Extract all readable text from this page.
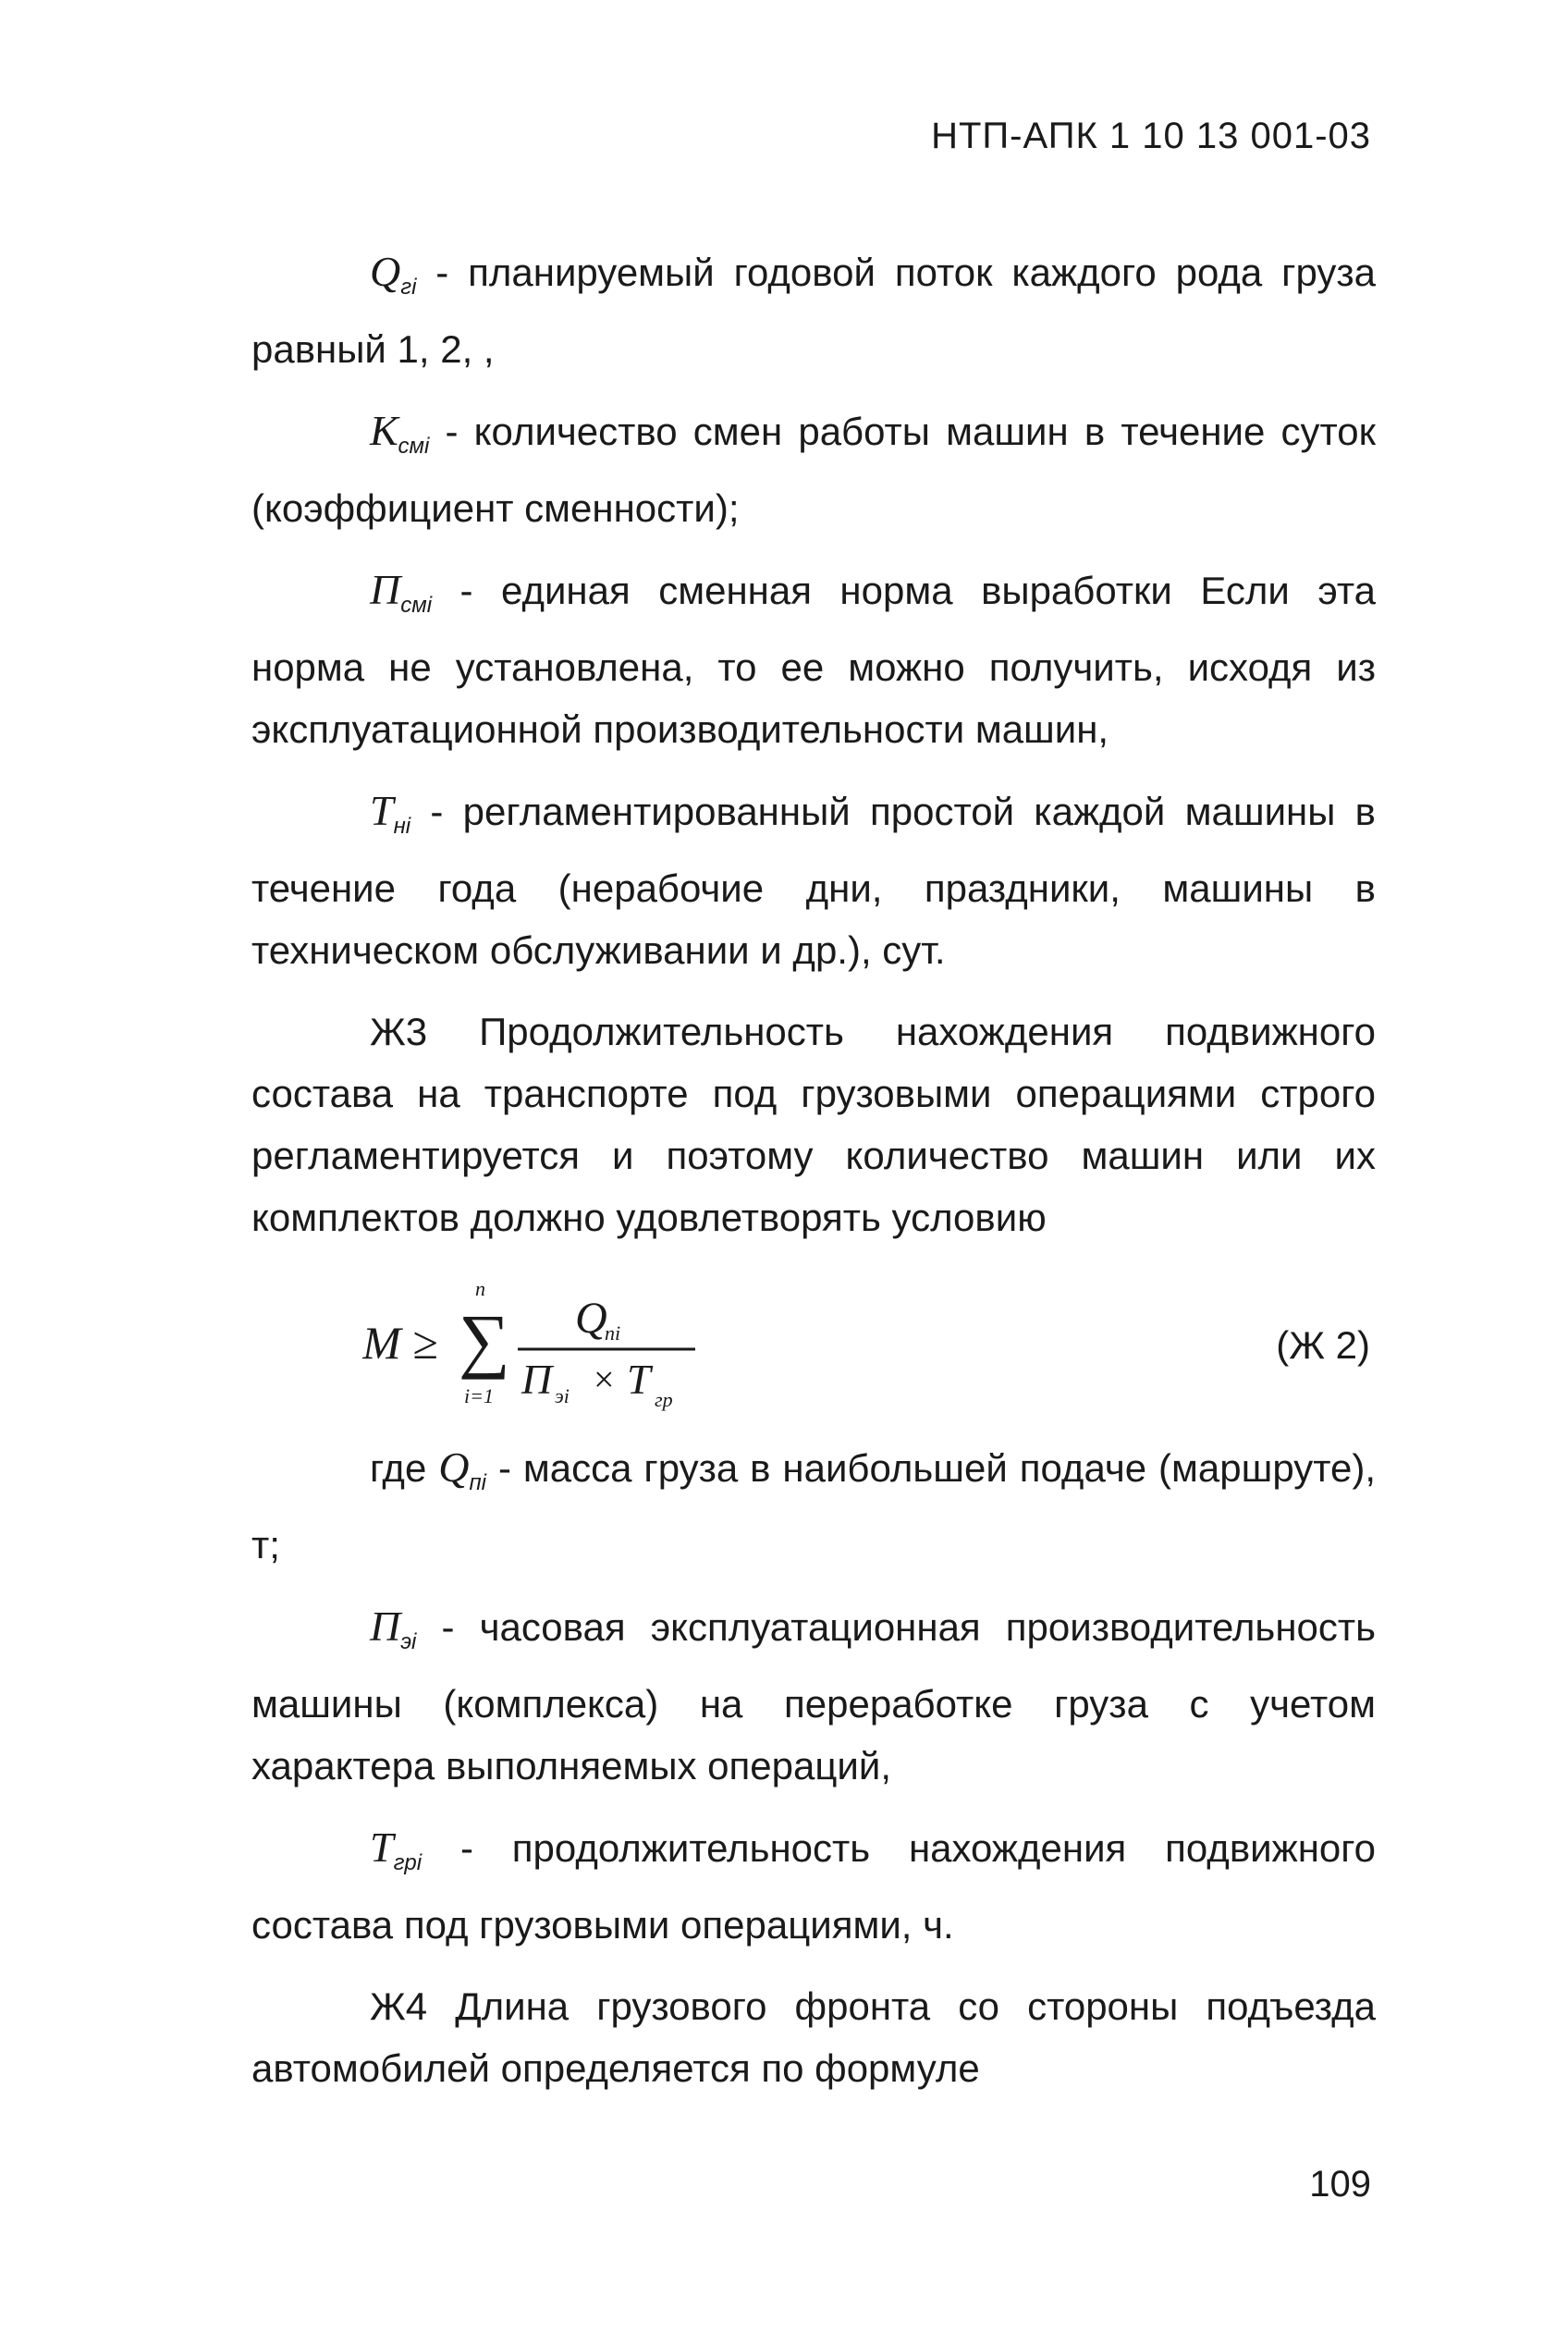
НТП-АПК 1 10 13 001-03

$Q_{гi}$ - планируемый годовой поток каждого рода груза равный 1, 2, ,

$К_{смi}$ - количество смен работы машин в течение суток (коэффициент сменности);

$П_{смi}$ - единая сменная норма выработки Если эта норма не установлена, то ее можно получить, исходя из эксплуатационной производительности машин,

$Т_{нi}$ - регламентированный простой каждой машины в течение года (нерабочие дни, праздники, машины в техническом обслуживании и др.), сут.

Ж3 Продолжительность нахождения подвижного состава на транспорте под грузовыми операциями строго регламентируется и поэтому количество машин или их комплектов должно удовлетворять условию

M ≥
n
∑
i=1
Q
пi
П эi × T гр
(Ж 2)

где $Q_{пi}$ - масса груза в наибольшей подаче (маршруте), т;

$П_{эi}$ - часовая эксплуатационная производительность машины (комплекса) на переработке груза с учетом характера выполняемых операций,

$Т_{грi}$ - продолжительность нахождения подвижного состава под грузовыми операциями, ч.

Ж4 Длина грузового фронта со стороны подъезда автомобилей определяется по формуле

109
